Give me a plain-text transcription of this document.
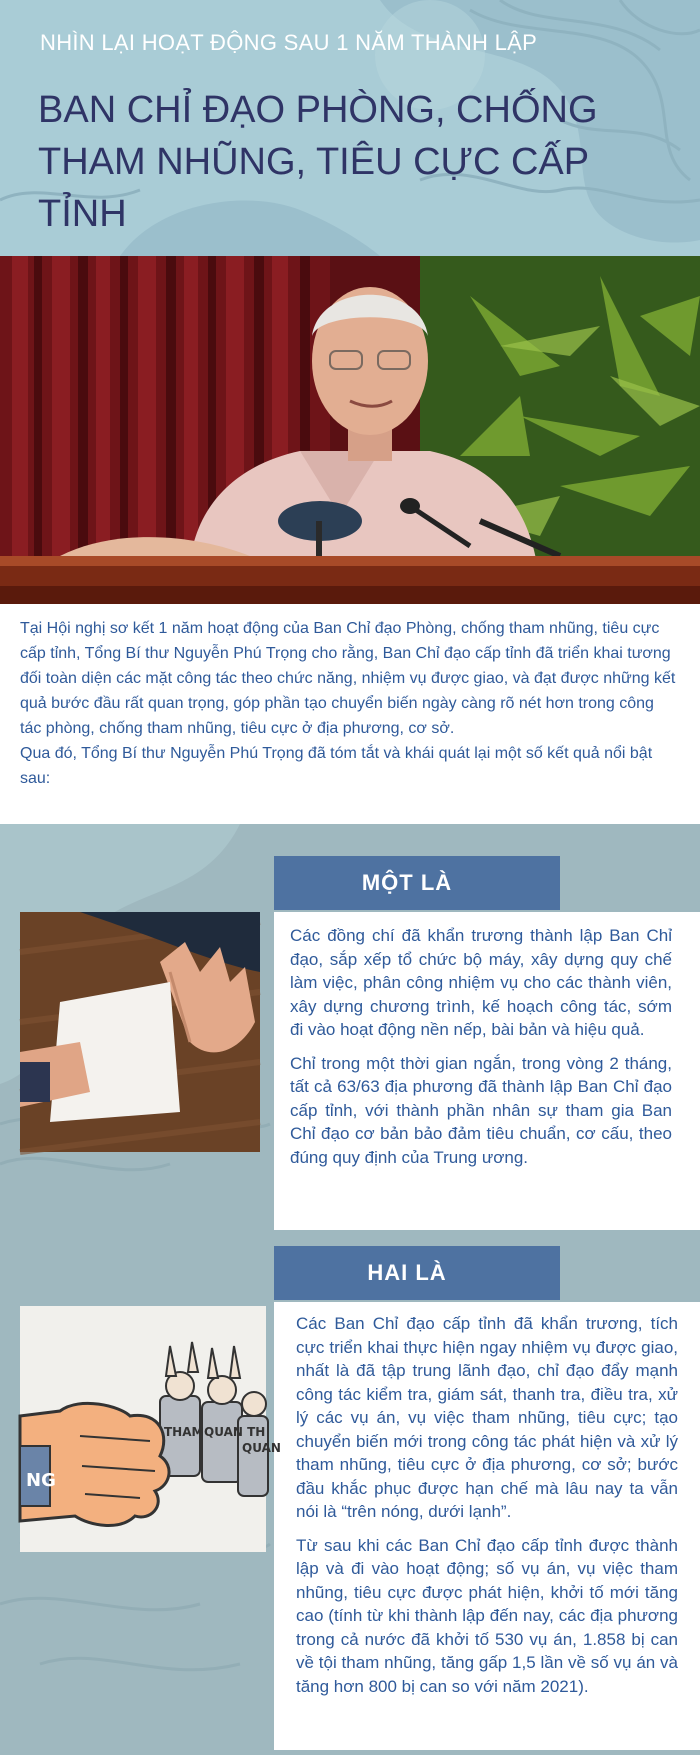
NHÌN LẠI HOẠT ĐỘNG SAU 1 NĂM THÀNH LẬP
BAN CHỈ ĐẠO PHÒNG, CHỐNG
THAM NHŨNG, TIÊU CỰC CẤP TỈNH

Tại Hội nghị sơ kết 1 năm hoạt động của Ban Chỉ đạo Phòng, chống tham nhũng, tiêu cực cấp tỉnh, Tổng Bí thư Nguyễn Phú Trọng cho rằng, Ban Chỉ đạo cấp tỉnh đã triển khai tương đối toàn diện các mặt công tác theo chức năng, nhiệm vụ được giao, và đạt được những kết quả bước đầu rất quan trọng, góp phần tạo chuyển biến ngày càng rõ nét hơn trong công tác phòng, chống tham nhũng, tiêu cực ở địa phương, cơ sở.

Qua đó, Tổng Bí thư Nguyễn Phú Trọng đã tóm tắt và khái quát lại một số kết quả nổi bật sau:

MỘT LÀ

Các đồng chí đã khẩn trương thành lập Ban Chỉ đạo, sắp xếp tổ chức bộ máy, xây dựng quy chế làm việc, phân công nhiệm vụ cho các thành viên, xây dựng chương trình, kế hoạch công tác, sớm đi vào hoạt động nền nếp, bài bản và hiệu quả.

Chỉ trong một thời gian ngắn, trong vòng 2 tháng, tất cả 63/63 địa phương đã thành lập Ban Chỉ đạo cấp tỉnh, với thành phần nhân sự tham gia Ban Chỉ đạo cơ bản bảo đảm tiêu chuẩn, cơ cấu, theo đúng quy định của Trung ương.

HAI LÀ

Các Ban Chỉ đạo cấp tỉnh đã khẩn trương, tích cực triển khai thực hiện ngay nhiệm vụ được giao, nhất là đã tập trung lãnh đạo, chỉ đạo đẩy mạnh công tác kiểm tra, giám sát, thanh tra, điều tra, xử lý các vụ án, vụ việc tham nhũng, tiêu cực; tạo chuyển biến mới trong công tác phát hiện và xử lý tham nhũng, tiêu cực ở địa phương, cơ sở; bước đầu khắc phục được hạn chế mà lâu nay ta vẫn nói là “trên nóng, dưới lạnh”.

Từ sau khi các Ban Chỉ đạo cấp tỉnh được thành lập và đi vào hoạt động; số vụ án, vụ việc tham nhũng, tiêu cực được phát hiện, khởi tố mới tăng cao (tính từ khi thành lập đến nay, các địa phương trong cả nước đã khởi tố 530 vụ án, 1.858 bị can về tội tham nhũng, tăng gấp 1,5 lần về số vụ án và tăng hơn 800 bị can so với năm 2021).

THAM QUAN TH
QUAN
NG
